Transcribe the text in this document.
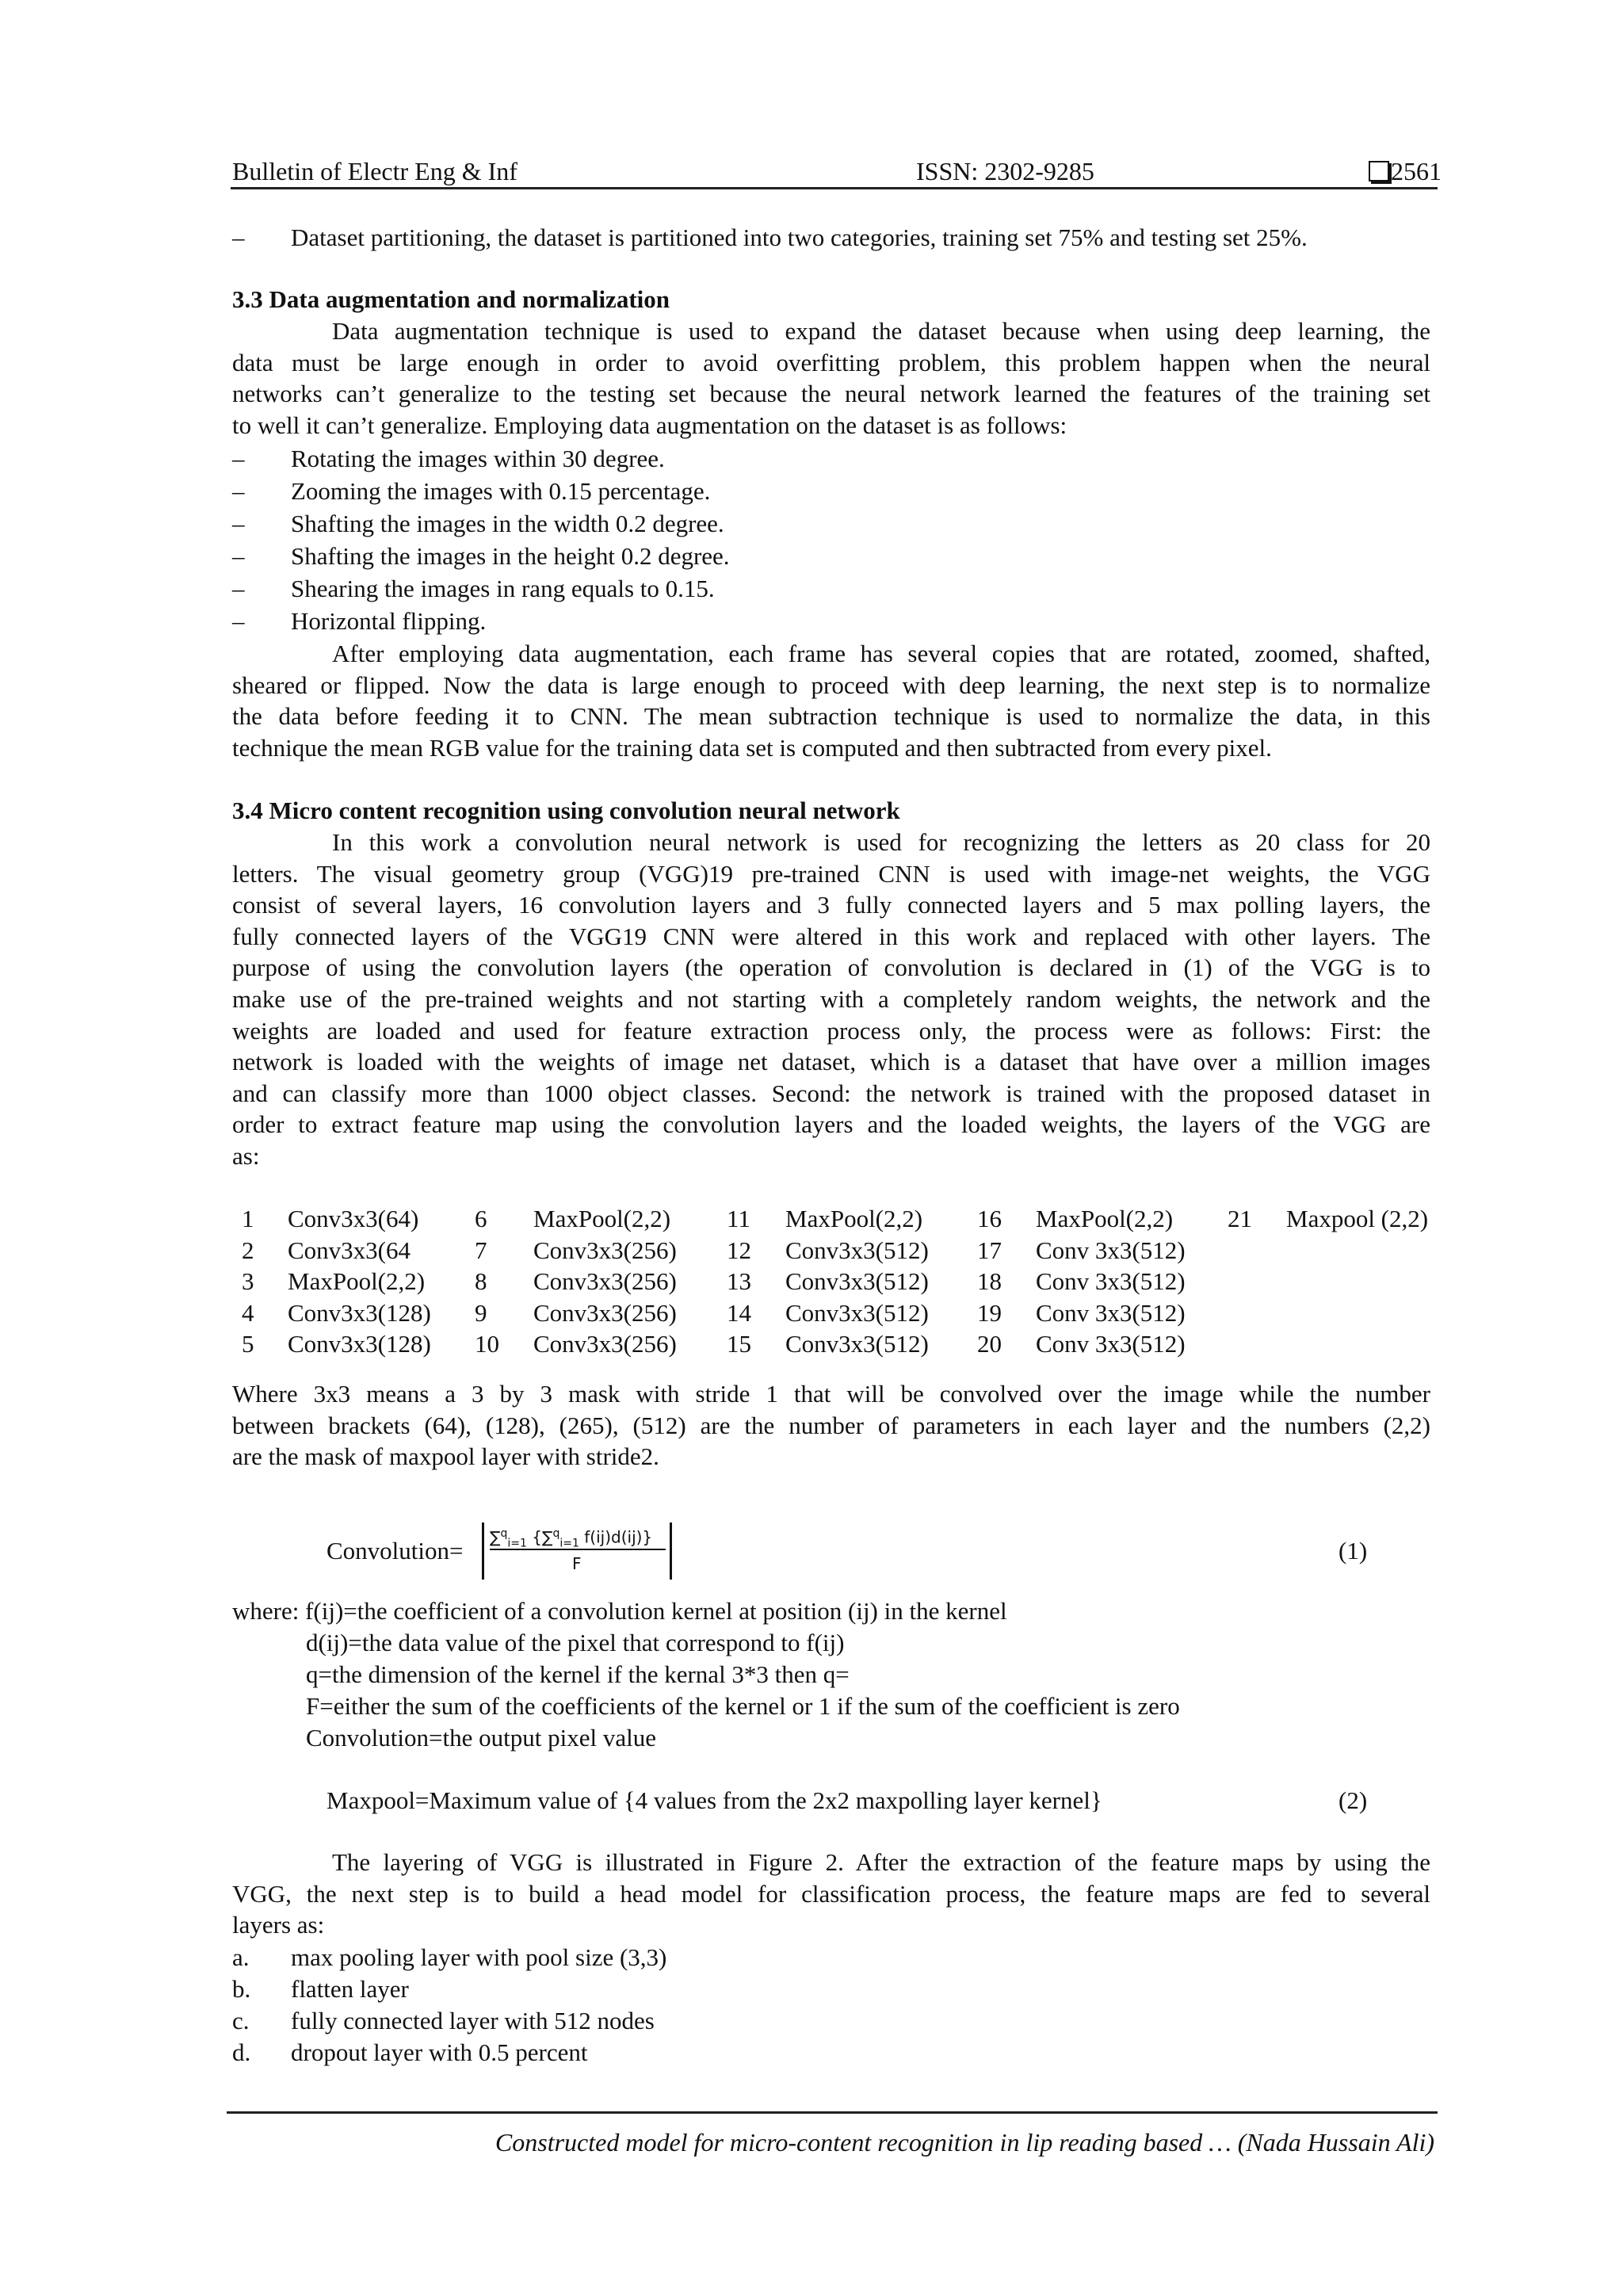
Bulletin of Electr Eng & Inf	ISSN: 2302-9285	2561
– Dataset partitioning, the dataset is partitioned into two categories, training set 75% and testing set 25%.
3.3 Data augmentation and normalization
Data augmentation technique is used to expand the dataset because when using deep learning, the
data must be large enough in order to avoid overfitting problem, this problem happen when the neural
networks can’t generalize to the testing set because the neural network learned the features of the training set
to well it can’t generalize. Employing data augmentation on the dataset is as follows:
– Rotating the images within 30 degree.
– Zooming the images with 0.15 percentage.
– Shafting the images in the width 0.2 degree.
– Shafting the images in the height 0.2 degree.
– Shearing the images in rang equals to 0.15.
– Horizontal flipping.
After employing data augmentation, each frame has several copies that are rotated, zoomed, shafted,
sheared or flipped. Now the data is large enough to proceed with deep learning, the next step is to normalize
the data before feeding it to CNN. The mean subtraction technique is used to normalize the data, in this
technique the mean RGB value for the training data set is computed and then subtracted from every pixel.
3.4 Micro content recognition using convolution neural network
In this work a convolution neural network is used for recognizing the letters as 20 class for 20
letters. The visual geometry group (VGG)19 pre-trained CNN is used with image-net weights, the VGG
consist of several layers, 16 convolution layers and 3 fully connected layers and 5 max polling layers, the
fully connected layers of the VGG19 CNN were altered in this work and replaced with other layers. The
purpose of using the convolution layers (the operation of convolution is declared in (1) of the VGG is to
make use of the pre-trained weights and not starting with a completely random weights, the network and the
weights are loaded and used for feature extraction process only, the process were as follows: First: the
network is loaded with the weights of image net dataset, which is a dataset that have over a million images
and can classify more than 1000 object classes. Second: the network is trained with the proposed dataset in
order to extract feature map using the convolution layers and the loaded weights, the layers of the VGG are
as:
1	Conv3x3(64)	6	MaxPool(2,2)	11	MaxPool(2,2)	16	MaxPool(2,2)	21	Maxpool (2,2)
2	Conv3x3(64	7	Conv3x3(256)	12	Conv3x3(512)	17	Conv 3x3(512)		
3	MaxPool(2,2)	8	Conv3x3(256)	13	Conv3x3(512)	18	Conv 3x3(512)		
4	Conv3x3(128)	9	Conv3x3(256)	14	Conv3x3(512)	19	Conv 3x3(512)		
5	Conv3x3(128)	10	Conv3x3(256)	15	Conv3x3(512)	20	Conv 3x3(512)		
Where 3x3 means a 3 by 3 mask with stride 1 that will be convolved over the image while the number
between brackets (64), (128), (265), (512) are the number of parameters in each layer and the numbers (2,2)
are the mask of maxpool layer with stride2.
Convolution= ∑$^q_{i=1}$ {∑$^q_{i=1}$ f(ij)d(ij)}
F	(1)
where: f(ij)=the coefficient of a convolution kernel at position (ij) in the kernel
d(ij)=the data value of the pixel that correspond to f(ij)
q=the dimension of the kernel if the kernal 3*3 then q=
F=either the sum of the coefficients of the kernel or 1 if the sum of the coefficient is zero
Convolution=the output pixel value
Maxpool=Maximum value of {4 values from the 2x2 maxpolling layer kernel}	(2)
The layering of VGG is illustrated in Figure 2. After the extraction of the feature maps by using the
VGG, the next step is to build a head model for classification process, the feature maps are fed to several
layers as:
a. max pooling layer with pool size (3,3)
b. flatten layer
c. fully connected layer with 512 nodes
d. dropout layer with 0.5 percent
Constructed model for micro-content recognition in lip reading based … (Nada Hussain Ali)
